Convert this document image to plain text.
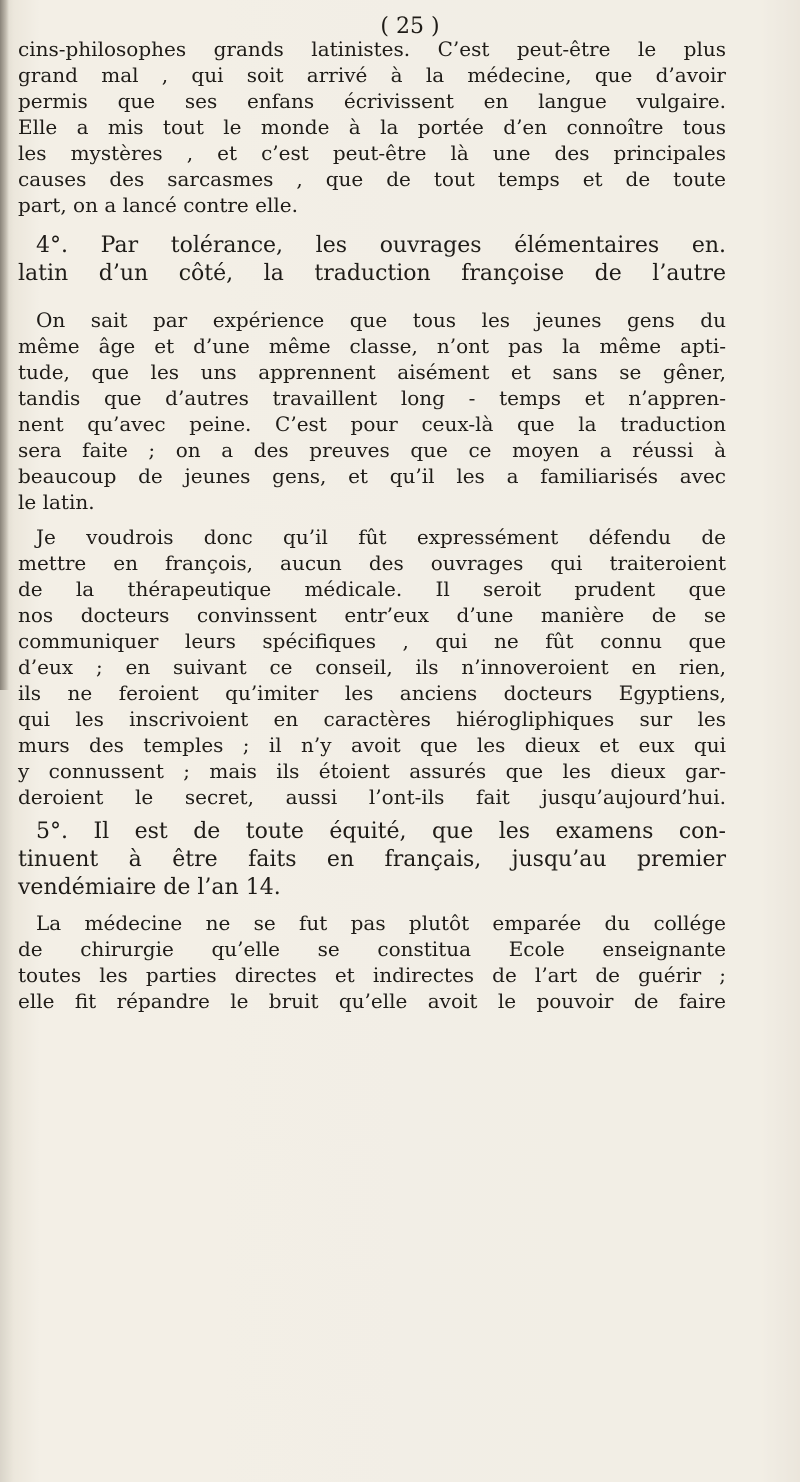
( 25 )
cins-philosophes grands latinistes. C’est peut-être le plus
grand mal , qui soit arrivé à la médecine, que d’avoir
permis que ses enfans écrivissent en langue vulgaire.
Elle a mis tout le monde à la portée d’en connoître tous
les mystères , et c’est peut-être là une des principales
causes des sarcasmes , que de tout temps et de toute
part, on a lancé contre elle.
4°. Par tolérance, les ouvrages élémentaires en.
latin d’un côté, la traduction françoise de l’autre
On sait par expérience que tous les jeunes gens du
même âge et d’une même classe, n’ont pas la même apti-
tude, que les uns apprennent aisément et sans se gêner,
tandis que d’autres travaillent long - temps et n’appren-
nent qu’avec peine. C’est pour ceux-là que la traduction
sera faite ; on a des preuves que ce moyen a réussi à
beaucoup de jeunes gens, et qu’il les a familiarisés avec
le latin.
Je voudrois donc qu’il fût expressément défendu de
mettre en françois, aucun des ouvrages qui traiteroient
de la thérapeutique médicale. Il seroit prudent que
nos docteurs convinssent entr’eux d’une manière de se
communiquer leurs spécifiques , qui ne fût connu que
d’eux ; en suivant ce conseil, ils n’innoveroient en rien,
ils ne feroient qu’imiter les anciens docteurs Egyptiens,
qui les inscrivoient en caractères hiérogliphiques sur les
murs des temples ; il n’y avoit que les dieux et eux qui
y connussent ; mais ils étoient assurés que les dieux gar-
deroient le secret, aussi l’ont-ils fait jusqu’aujourd’hui.
5°. Il est de toute équité, que les examens con-
tinuent à être faits en français, jusqu’au premier
vendémiaire de l’an 14.
La médecine ne se fut pas plutôt emparée du collége
de chirurgie qu’elle se constitua Ecole enseignante
toutes les parties directes et indirectes de l’art de guérir ;
elle fit répandre le bruit qu’elle avoit le pouvoir de faire
